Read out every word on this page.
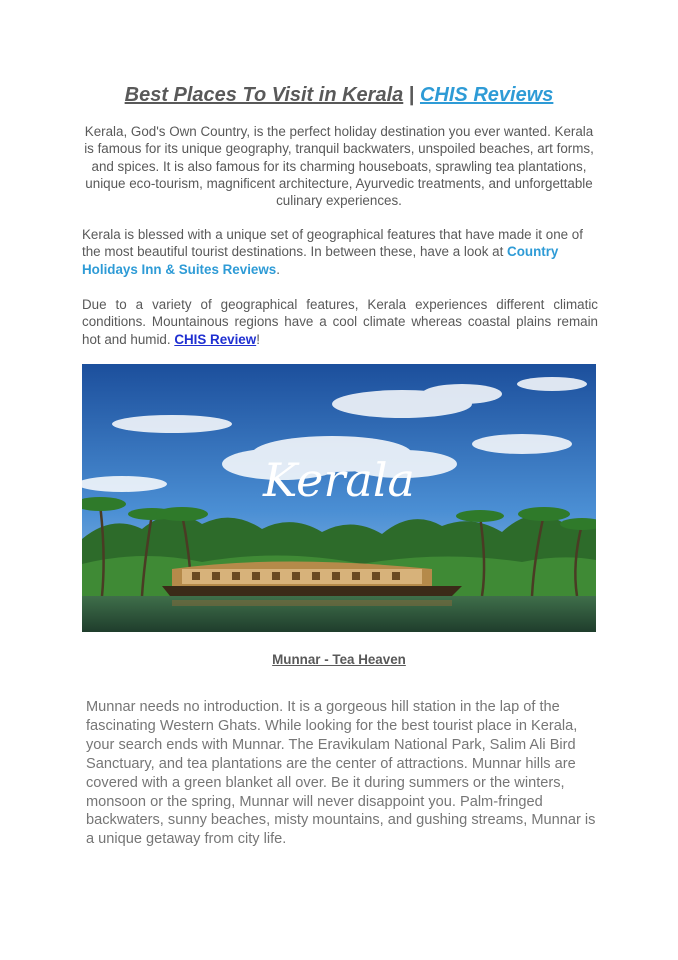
Best Places To Visit in Kerala | CHIS Reviews

Kerala, God's Own Country, is the perfect holiday destination you ever wanted. Kerala is famous for its unique geography, tranquil backwaters, unspoiled beaches, art forms, and spices. It is also famous for its charming houseboats, sprawling tea plantations, unique eco-tourism, magnificent architecture, Ayurvedic treatments, and unforgettable culinary experiences.

Kerala is blessed with a unique set of geographical features that have made it one of the most beautiful tourist destinations. In between these, have a look at Country Holidays Inn & Suites Reviews.

Due to a variety of geographical features, Kerala experiences different climatic conditions. Mountainous regions have a cool climate whereas coastal plains remain hot and humid. CHIS Review!

Kerala
Munnar - Tea Heaven

Munnar needs no introduction. It is a gorgeous hill station in the lap of the fascinating Western Ghats. While looking for the best tourist place in Kerala, your search ends with Munnar. The Eravikulam National Park, Salim Ali Bird Sanctuary, and tea plantations are the center of attractions. Munnar hills are covered with a green blanket all over. Be it during summers or the winters, monsoon or the spring, Munnar will never disappoint you. Palm-fringed backwaters, sunny beaches, misty mountains, and gushing streams, Munnar is a unique getaway from city life.
